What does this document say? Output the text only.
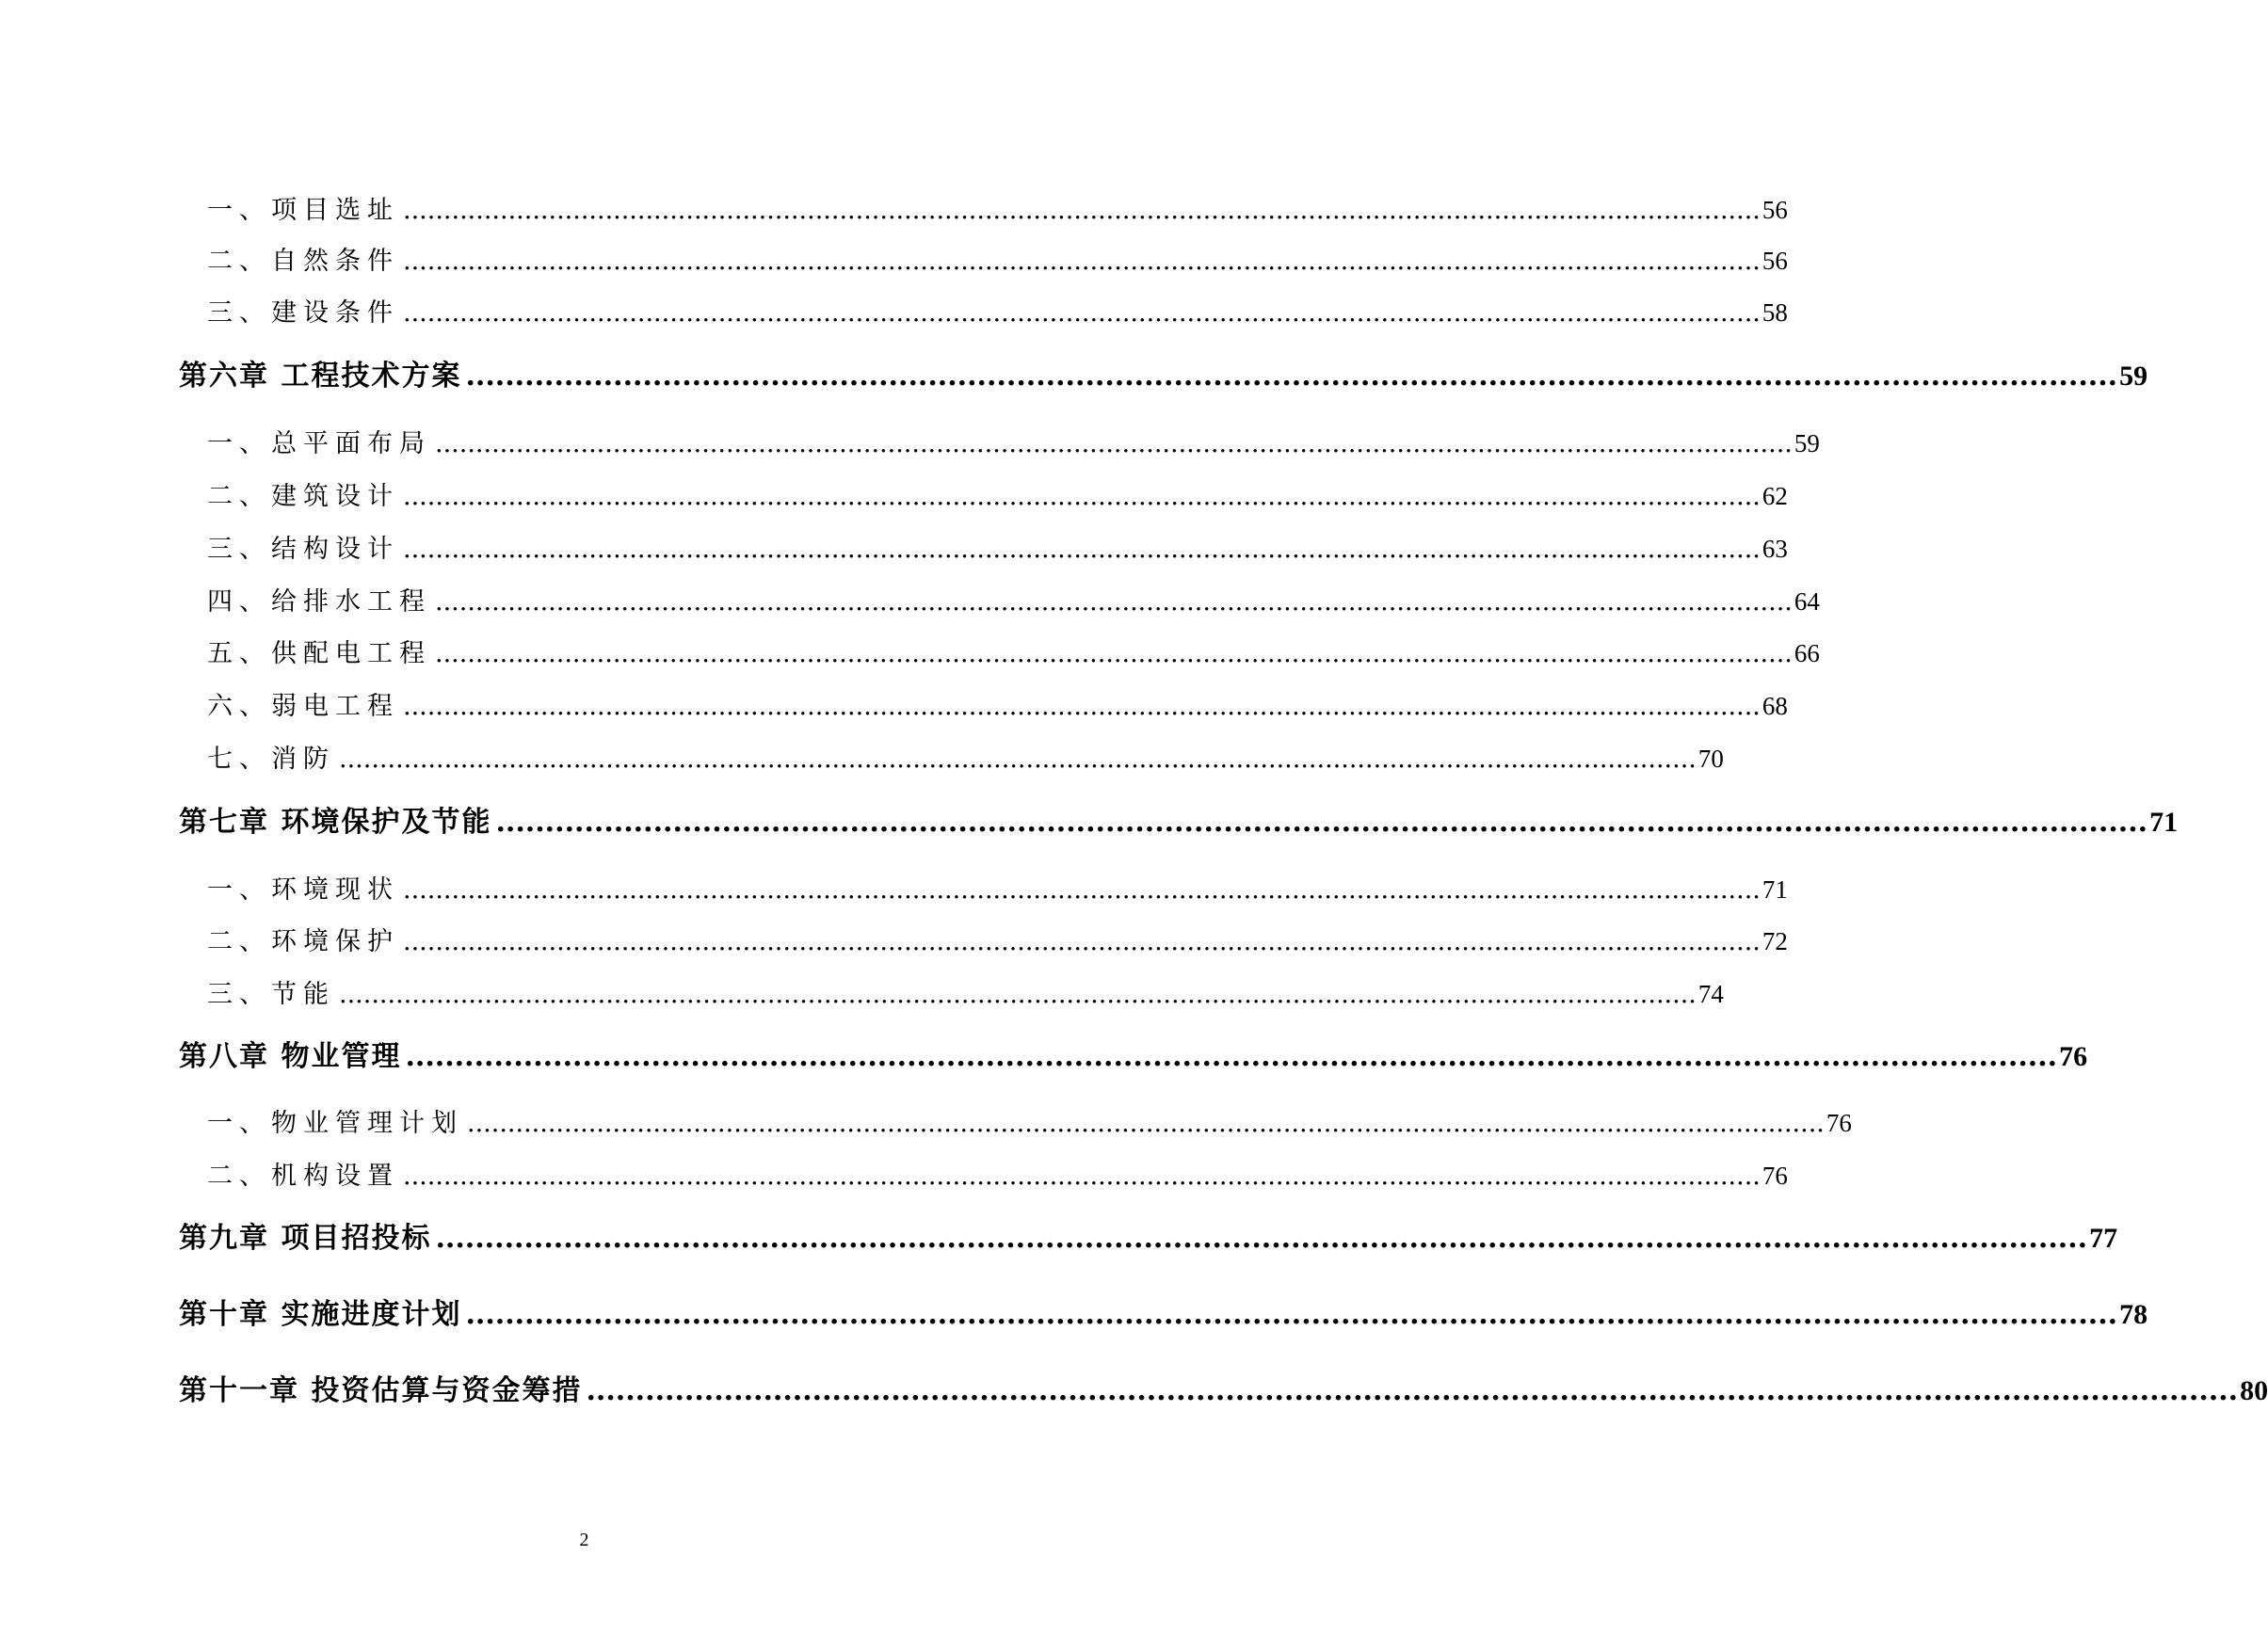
一、项目选址 ........................................................................................................................................................................ 56
二、自然条件 ........................................................................................................................................................................ 56
三、建设条件 ........................................................................................................................................................................ 58
第六章 工程技术方案 ........................................................................................................................................................................ 59
一、总平面布局 ........................................................................................................................................................................ 59
二、建筑设计 ........................................................................................................................................................................ 62
三、结构设计 ........................................................................................................................................................................ 63
四、给排水工程 ........................................................................................................................................................................ 64
五、供配电工程 ........................................................................................................................................................................ 66
六、弱电工程 ........................................................................................................................................................................ 68
七、消防 ........................................................................................................................................................................ 70
第七章 环境保护及节能 ........................................................................................................................................................................ 71
一、环境现状 ........................................................................................................................................................................ 71
二、环境保护 ........................................................................................................................................................................ 72
三、节能 ........................................................................................................................................................................ 74
第八章 物业管理 ........................................................................................................................................................................ 76
一、物业管理计划 ........................................................................................................................................................................ 76
二、机构设置 ........................................................................................................................................................................ 76
第九章 项目招投标 ........................................................................................................................................................................ 77
第十章 实施进度计划 ........................................................................................................................................................................ 78
第十一章 投资估算与资金筹措 ........................................................................................................................................................................ 80
2
